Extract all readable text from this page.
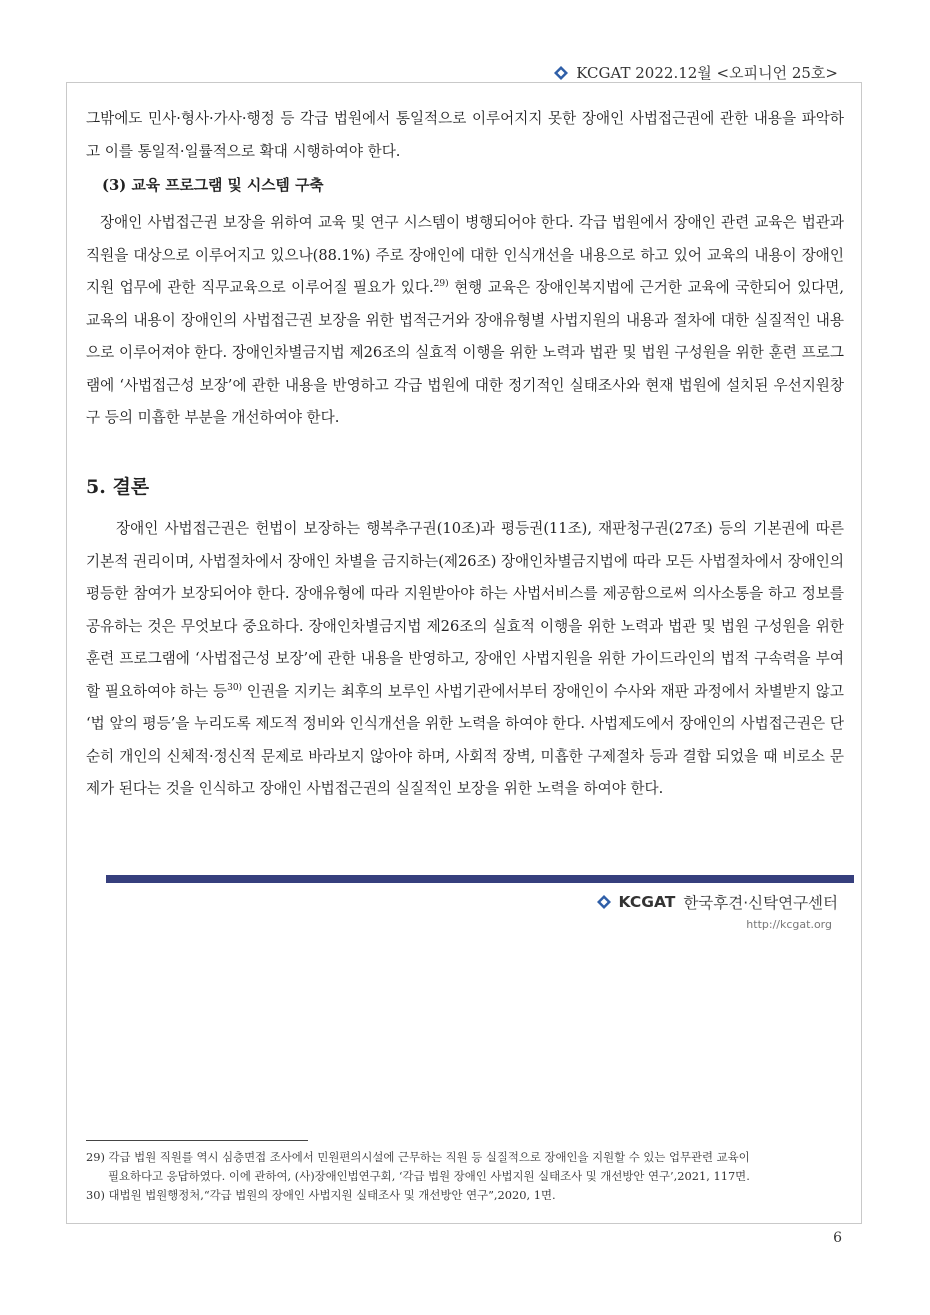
KCGAT 2022.12월 <오피니언 25호>

그밖에도 민사·형사·가사·행정 등 각급 법원에서 통일적으로 이루어지지 못한 장애인 사법접근권에 관한 내용을 파악하고 이를 통일적·일률적으로 확대 시행하여야 한다.

(3) 교육 프로그램 및 시스템 구축

장애인 사법접근권 보장을 위하여 교육 및 연구 시스템이 병행되어야 한다. 각급 법원에서 장애인 관련 교육은 법관과 직원을 대상으로 이루어지고 있으나(88.1%) 주로 장애인에 대한 인식개선을 내용으로 하고 있어 교육의 내용이 장애인 지원 업무에 관한 직무교육으로 이루어질 필요가 있다.$^{29)}$ 현행 교육은 장애인복지법에 근거한 교육에 국한되어 있다면, 교육의 내용이 장애인의 사법접근권 보장을 위한 법적근거와 장애유형별 사법지원의 내용과 절차에 대한 실질적인 내용으로 이루어져야 한다. 장애인차별금지법 제26조의 실효적 이행을 위한 노력과 법관 및 법원 구성원을 위한 훈련 프로그램에 ‘사법접근성 보장’에 관한 내용을 반영하고 각급 법원에 대한 정기적인 실태조사와 현재 법원에 설치된 우선지원창구 등의 미흡한 부분을 개선하여야 한다.

5. 결론

장애인 사법접근권은 헌법이 보장하는 행복추구권(10조)과 평등권(11조), 재판청구권(27조) 등의 기본권에 따른 기본적 권리이며, 사법절차에서 장애인 차별을 금지하는(제26조) 장애인차별금지법에 따라 모든 사법절차에서 장애인의 평등한 참여가 보장되어야 한다. 장애유형에 따라 지원받아야 하는 사법서비스를 제공함으로써 의사소통을 하고 정보를 공유하는 것은 무엇보다 중요하다. 장애인차별금지법 제26조의 실효적 이행을 위한 노력과 법관 및 법원 구성원을 위한 훈련 프로그램에 ‘사법접근성 보장’에 관한 내용을 반영하고, 장애인 사법지원을 위한 가이드라인의 법적 구속력을 부여할 필요하여야 하는 등$^{30)}$ 인권을 지키는 최후의 보루인 사법기관에서부터 장애인이 수사와 재판 과정에서 차별받지 않고 ‘법 앞의 평등’을 누리도록 제도적 정비와 인식개선을 위한 노력을 하여야 한다. 사법제도에서 장애인의 사법접근권은 단순히 개인의 신체적·정신적 문제로 바라보지 않아야 하며, 사회적 장벽, 미흡한 구제절차 등과 결합 되었을 때 비로소 문제가 된다는 것을 인식하고 장애인 사법접근권의 실질적인 보장을 위한 노력을 하여야 한다.

KCGAT 한국후견·신탁연구센터
http://kcgat.org
29) 각급 법원 직원를 역시 심층면접 조사에서 민원편의시설에 근무하는 직원 등 실질적으로 장애인을 지원할 수 있는 업무관련 교육이
필요하다고 응답하였다. 이에 관하여, (사)장애인법연구회, ‘각급 법원 장애인 사법지원 실태조사 및 개선방안 연구’,2021, 117면.
30) 대법원 법원행정처,“각급 법원의 장애인 사법지원 실태조사 및 개선방안 연구”,2020, 1면.
6
